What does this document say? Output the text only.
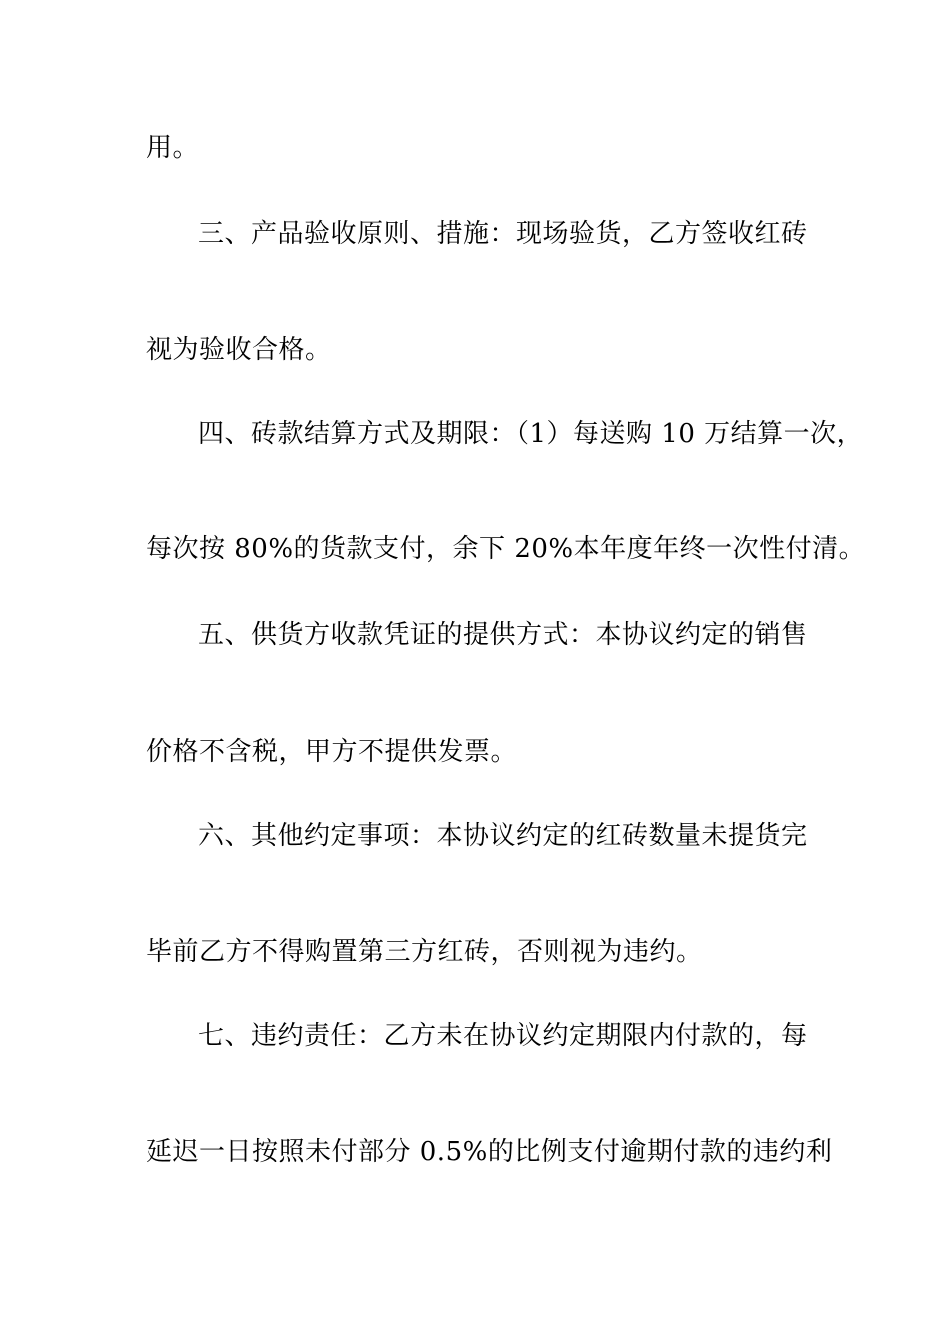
用。
三、产品验收原则、措施：现场验货，乙方签收红砖
视为验收合格。
四、砖款结算方式及期限：（1）每送购 10 万结算一次，
每次按 80%的货款支付，余下 20%本年度年终一次性付清。
五、供货方收款凭证的提供方式：本协议约定的销售
价格不含税，甲方不提供发票。
六、其他约定事项：本协议约定的红砖数量未提货完
毕前乙方不得购置第三方红砖，否则视为违约。
七、违约责任：乙方未在协议约定期限内付款的，每
延迟一日按照未付部分 0.5%的比例支付逾期付款的违约利
